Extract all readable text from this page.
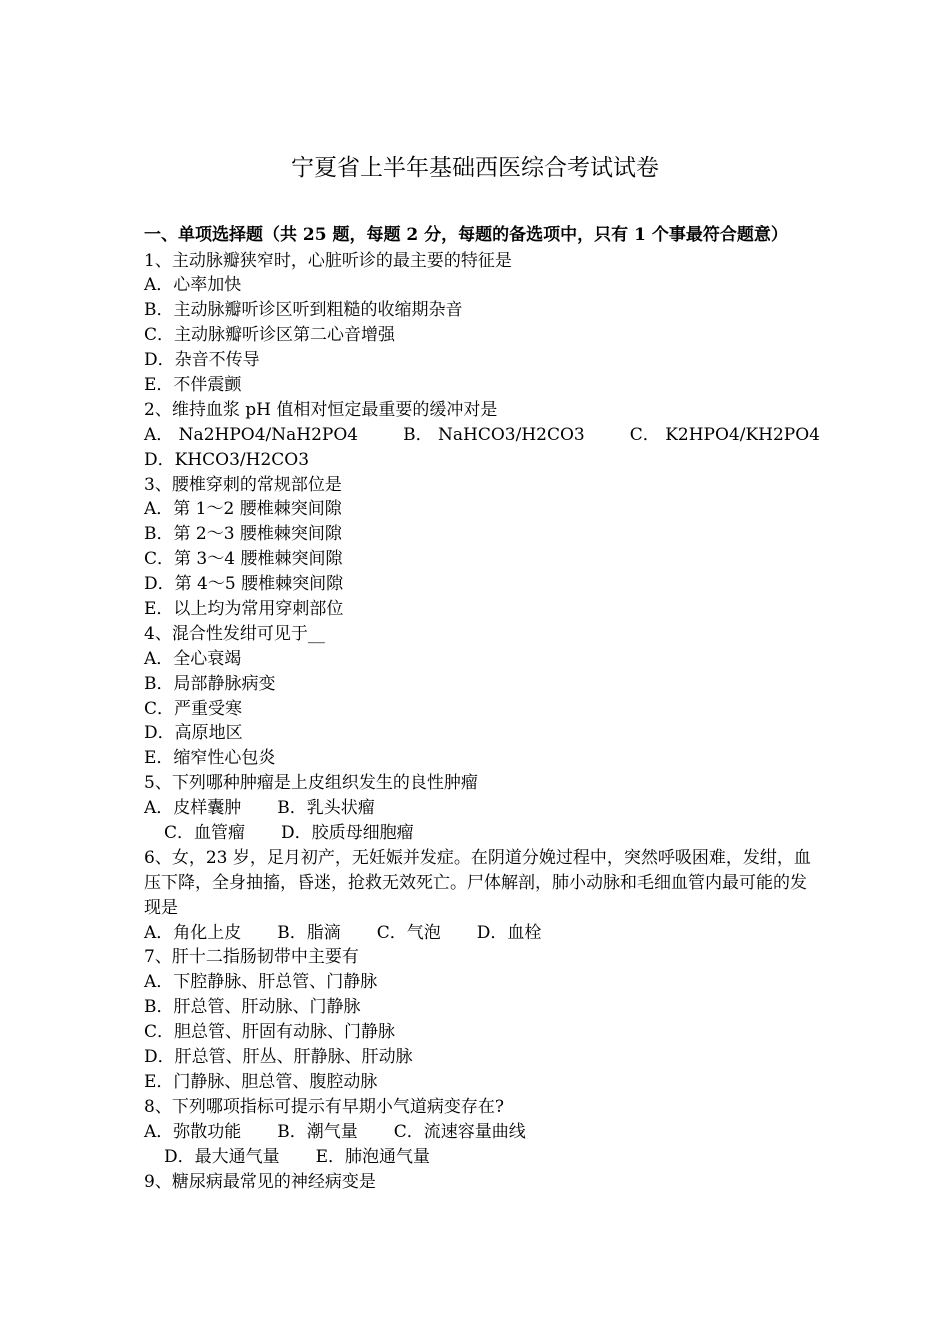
宁夏省上半年基础西医综合考试试卷
一、单项选择题（共 25 题，每题 2 分，每题的备选项中，只有 1 个事最符合题意）
1、主动脉瓣狭窄时，心脏听诊的最主要的特征是
A．心率加快
B．主动脉瓣听诊区听到粗糙的收缩期杂音
C．主动脉瓣听诊区第二心音增强
D．杂音不传导
E．不伴震颤
2、维持血浆 pH 值相对恒定最重要的缓冲对是
A． Na2HPO4/NaH2PO4	B． NaHCO3/H2CO3	C． K2HPO4/KH2PO4
D．KHCO3/H2CO3
3、腰椎穿刺的常规部位是
A．第 1～2 腰椎棘突间隙
B．第 2～3 腰椎棘突间隙
C．第 3～4 腰椎棘突间隙
D．第 4～5 腰椎棘突间隙
E．以上均为常用穿刺部位
4、混合性发绀可见于__
A．全心衰竭
B．局部静脉病变
C．严重受寒
D．高原地区
E．缩窄性心包炎
5、下列哪种肿瘤是上皮组织发生的良性肿瘤
A．皮样囊肿 B．乳头状瘤
C．血管瘤 D．胶质母细胞瘤
6、女，23 岁，足月初产，无妊娠并发症。在阴道分娩过程中，突然呼吸困难，发绀，血压下降，全身抽搐，昏迷，抢救无效死亡。尸体解剖，肺小动脉和毛细血管内最可能的发现是
A．角化上皮 B．脂滴 C．气泡 D．血栓
7、肝十二指肠韧带中主要有
A．下腔静脉、肝总管、门静脉
B．肝总管、肝动脉、门静脉
C．胆总管、肝固有动脉、门静脉
D．肝总管、肝丛、肝静脉、肝动脉
E．门静脉、胆总管、腹腔动脉
8、下列哪项指标可提示有早期小气道病变存在?
A．弥散功能 B．潮气量 C．流速容量曲线
D．最大通气量 E．肺泡通气量
9、糖尿病最常见的神经病变是
